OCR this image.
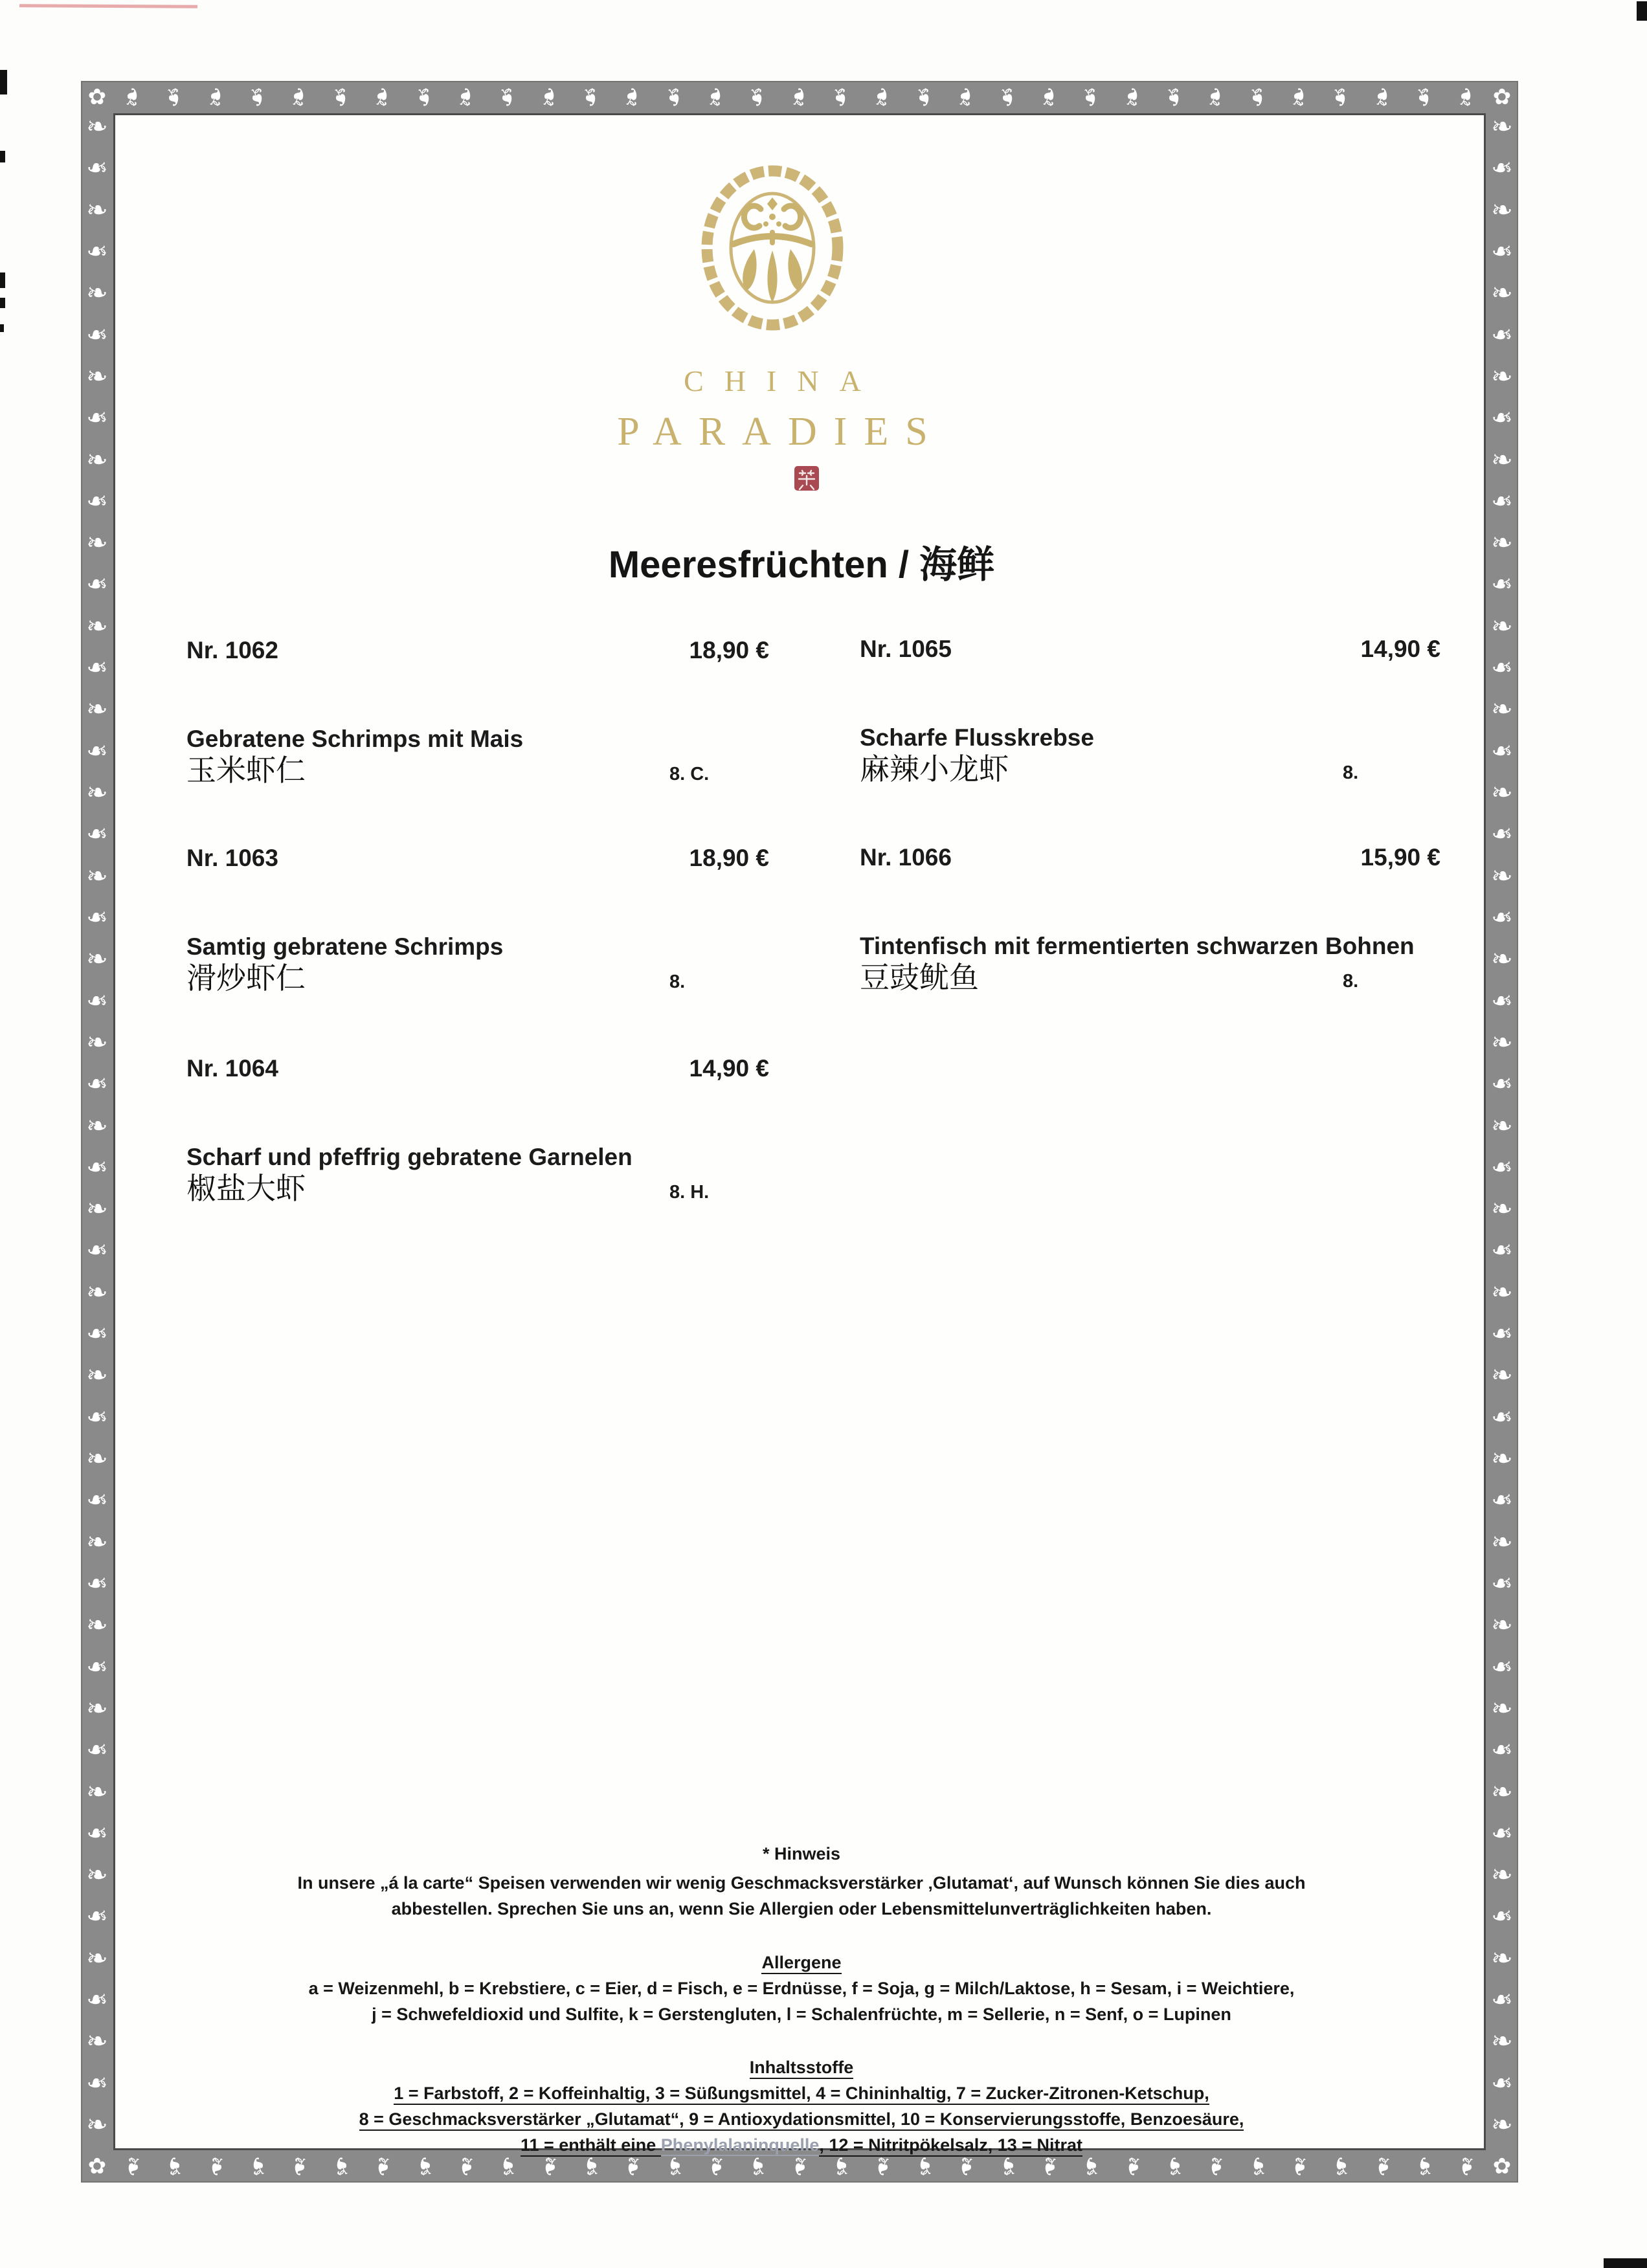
❧ ❧ ❧ ❧ ❧ ❧ ❧ ❧ ❧ ❧ ❧ ❧ ❧ ❧ ❧ ❧ ❧ ❧ ❧ ❧ ❧ ❧ ❧ ❧ ❧ ❧ ❧ ❧ ❧ ❧ ❧ ❧ ❧
❧ ❧ ❧ ❧ ❧ ❧ ❧ ❧ ❧ ❧ ❧ ❧ ❧ ❧ ❧ ❧ ❧ ❧ ❧ ❧ ❧ ❧ ❧ ❧ ❧ ❧ ❧ ❧ ❧ ❧ ❧ ❧ ❧
❧
❧
❧
❧
❧
❧
❧
❧
❧
❧
❧
❧
❧
❧
❧
❧
❧
❧
❧
❧
❧
❧
❧
❧
❧
❧
❧
❧
❧
❧
❧
❧
❧
❧
❧
❧
❧
❧
❧
❧
❧
❧
❧
❧
❧
❧
❧
❧
❧
❧
❧
❧
❧
❧
❧
❧
❧
❧
❧
❧
❧
❧
❧
❧
❧
❧
❧
❧
❧
❧
❧
❧
❧
❧
❧
❧
❧
❧
❧
❧
❧
❧
❧
❧
❧
❧
❧
❧
❧
❧
❧
❧
❧
❧
❧
❧
❧
❧
✿	✿
✿	✿
CHINA
PARADIES
Meeresfrüchten / 海鲜
Nr. 1062	18,90 €
Gebratene Schrimps mit Mais
玉米虾仁	8. C.
Nr. 1063	18,90 €
Samtig gebratene Schrimps
滑炒虾仁	8.
Nr. 1064	14,90 €
Scharf und pfeffrig gebratene Garnelen
椒盐大虾	8. H.
Nr. 1065	14,90 €
Scharfe Flusskrebse
麻辣小龙虾	8.
Nr. 1066	15,90 €
Tintenfisch mit fermentierten schwarzen Bohnen
豆豉鱿鱼	8.
* Hinweis
In unsere „á la carte“ Speisen verwenden wir wenig Geschmacksverstärker ‚Glutamat‘, auf Wunsch können Sie dies auch
abbestellen. Sprechen Sie uns an, wenn Sie Allergien oder Lebensmittelunverträglichkeiten haben.
Allergene
a = Weizenmehl, b = Krebstiere, c = Eier, d = Fisch, e = Erdnüsse, f = Soja, g = Milch/Laktose, h = Sesam, i = Weichtiere,
j = Schwefeldioxid und Sulfite, k = Gerstengluten, l = Schalenfrüchte, m = Sellerie, n = Senf, o = Lupinen
Inhaltsstoffe
1 = Farbstoff, 2 = Koffeinhaltig, 3 = Süßungsmittel, 4 = Chininhaltig, 7 = Zucker-Zitronen-Ketschup,
8 = Geschmacksverstärker „Glutamat“, 9 = Antioxydationsmittel, 10 = Konservierungsstoffe, Benzoesäure,
11 = enthält eine Phenylalaninquelle, 12 = Nitritpökelsalz, 13 = Nitrat
